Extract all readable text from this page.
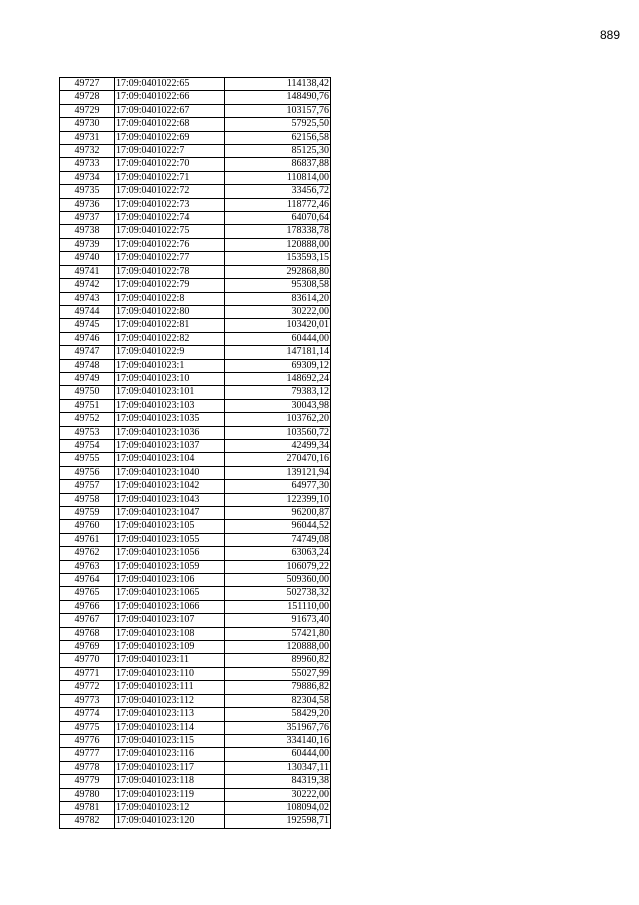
889
49727	17:09:0401022:65	114138,42
49728	17:09:0401022:66	148490,76
49729	17:09:0401022:67	103157,76
49730	17:09:0401022:68	57925,50
49731	17:09:0401022:69	62156,58
49732	17:09:0401022:7	85125,30
49733	17:09:0401022:70	86837,88
49734	17:09:0401022:71	110814,00
49735	17:09:0401022:72	33456,72
49736	17:09:0401022:73	118772,46
49737	17:09:0401022:74	64070,64
49738	17:09:0401022:75	178338,78
49739	17:09:0401022:76	120888,00
49740	17:09:0401022:77	153593,15
49741	17:09:0401022:78	292868,80
49742	17:09:0401022:79	95308,58
49743	17:09:0401022:8	83614,20
49744	17:09:0401022:80	30222,00
49745	17:09:0401022:81	103420,01
49746	17:09:0401022:82	60444,00
49747	17:09:0401022:9	147181,14
49748	17:09:0401023:1	69309,12
49749	17:09:0401023:10	148692,24
49750	17:09:0401023:101	79383,12
49751	17:09:0401023:103	30043,98
49752	17:09:0401023:1035	103762,20
49753	17:09:0401023:1036	103560,72
49754	17:09:0401023:1037	42499,34
49755	17:09:0401023:104	270470,16
49756	17:09:0401023:1040	139121,94
49757	17:09:0401023:1042	64977,30
49758	17:09:0401023:1043	122399,10
49759	17:09:0401023:1047	96200,87
49760	17:09:0401023:105	96044,52
49761	17:09:0401023:1055	74749,08
49762	17:09:0401023:1056	63063,24
49763	17:09:0401023:1059	106079,22
49764	17:09:0401023:106	509360,00
49765	17:09:0401023:1065	502738,32
49766	17:09:0401023:1066	151110,00
49767	17:09:0401023:107	91673,40
49768	17:09:0401023:108	57421,80
49769	17:09:0401023:109	120888,00
49770	17:09:0401023:11	89960,82
49771	17:09:0401023:110	55027,99
49772	17:09:0401023:111	79886,82
49773	17:09:0401023:112	82304,58
49774	17:09:0401023:113	58429,20
49775	17:09:0401023:114	351967,76
49776	17:09:0401023:115	334140,16
49777	17:09:0401023:116	60444,00
49778	17:09:0401023:117	130347,11
49779	17:09:0401023:118	84319,38
49780	17:09:0401023:119	30222,00
49781	17:09:0401023:12	108094,02
49782	17:09:0401023:120	192598,71
